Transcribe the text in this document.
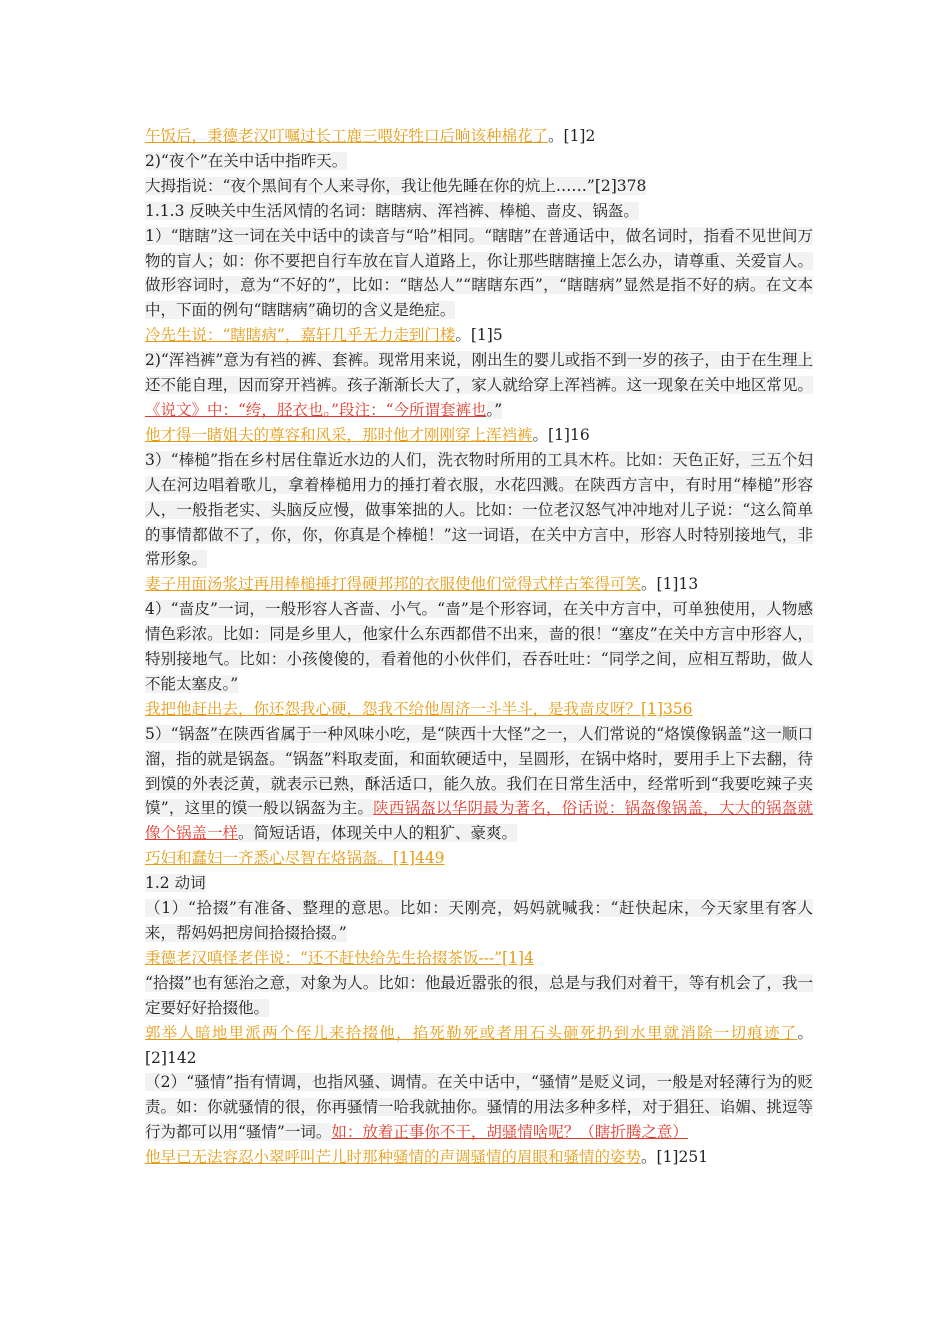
午饭后，秉德老汉叮嘱过长工鹿三喂好牲口后晌该种棉花了。[1]2

2)“夜个”在关中话中指昨天。

大拇指说：“夜个黑间有个人来寻你，我让他先睡在你的炕上……”[2]378

1.1.3 反映关中生活风情的名词：瞎瞎病、浑裆裤、棒槌、啬皮、锅盔。

1）“瞎瞎”这一词在关中话中的读音与“哈”相同。“瞎瞎”在普通话中，做名词时，指看不见世间万物的盲人；如：你不要把自行车放在盲人道路上，你让那些瞎瞎撞上怎么办，请尊重、关爱盲人。做形容词时，意为“不好的”，比如：“瞎怂人”“瞎瞎东西”，“瞎瞎病”显然是指不好的病。在文本中，下面的例句“瞎瞎病”确切的含义是绝症。

冷先生说：“瞎瞎病”，嘉轩几乎无力走到门楼。[1]5

2)“浑裆裤”意为有裆的裤、套裤。现常用来说，刚出生的婴儿或指不到一岁的孩子，由于在生理上还不能自理，因而穿开裆裤。孩子渐渐长大了，家人就给穿上浑裆裤。这一现象在关中地区常见。《说文》中：“绔，胫衣也。”段注：“今所谓套裤也。”

他才得一睹姐夫的尊容和风采，那时他才刚刚穿上浑裆裤。[1]16

3）“棒槌”指在乡村居住靠近水边的人们，洗衣物时所用的工具木杵。比如：天色正好，三五个妇人在河边唱着歌儿，拿着棒槌用力的捶打着衣服，水花四溅。在陕西方言中，有时用“棒槌”形容人，一般指老实、头脑反应慢，做事笨拙的人。比如：一位老汉怒气冲冲地对儿子说：“这么简单的事情都做不了，你，你，你真是个棒槌！”这一词语，在关中方言中，形容人时特别接地气，非常形象。

妻子用面汤浆过再用棒槌捶打得硬邦邦的衣服使他们觉得式样古笨得可笑。[1]13

4）“啬皮”一词，一般形容人吝啬、小气。“啬”是个形容词，在关中方言中，可单独使用，人物感情色彩浓。比如：同是乡里人，他家什么东西都借不出来，啬的很！“塞皮”在关中方言中形容人，特别接地气。比如：小孩傻傻的，看着他的小伙伴们，吞吞吐吐：“同学之间，应相互帮助，做人不能太塞皮。”

我把他赶出去，你还怨我心硬，怨我不给他周济一斗半斗，是我啬皮呀？[1]356

5）“锅盔”在陕西省属于一种风味小吃，是“陕西十大怪”之一，人们常说的“烙馍像锅盖”这一顺口溜，指的就是锅盔。“锅盔”料取麦面，和面软硬适中，呈圆形，在锅中烙时，要用手上下去翻，待到馍的外表泛黄，就表示已熟，酥活适口，能久放。我们在日常生活中，经常听到“我要吃辣子夹馍”，这里的馍一般以锅盔为主。陕西锅盔以华阴最为著名，俗话说：锅盔像锅盖，大大的锅盔就像个锅盖一样。简短话语，体现关中人的粗犷、豪爽。

巧妇和蠢妇一齐悉心尽智在烙锅盔。[1]449

1.2 动词

（1）“拾掇”有准备、整理的意思。比如：天刚亮，妈妈就喊我：“赶快起床，今天家里有客人来，帮妈妈把房间拾掇拾掇。”

秉德老汉嗔怪老伴说：“还不赶快给先生拾掇茶饭---”[1]4

“拾掇”也有惩治之意，对象为人。比如：他最近嚣张的很，总是与我们对着干，等有机会了，我一定要好好拾掇他。

郭举人暗地里派两个侄儿来拾掇他，掐死勒死或者用石头砸死扔到水里就消除一切痕迹了。[2]142

（2）“骚情”指有情调，也指风骚、调情。在关中话中，“骚情”是贬义词，一般是对轻薄行为的贬责。如：你就骚情的很，你再骚情一哈我就抽你。骚情的用法多种多样，对于猖狂、谄媚、挑逗等行为都可以用“骚情”一词。如：放着正事你不干，胡骚情啥呢？（瞎折腾之意）

他早已无法容忍小翠呼叫芒儿时那种骚情的声调骚情的眉眼和骚情的姿势。[1]251
